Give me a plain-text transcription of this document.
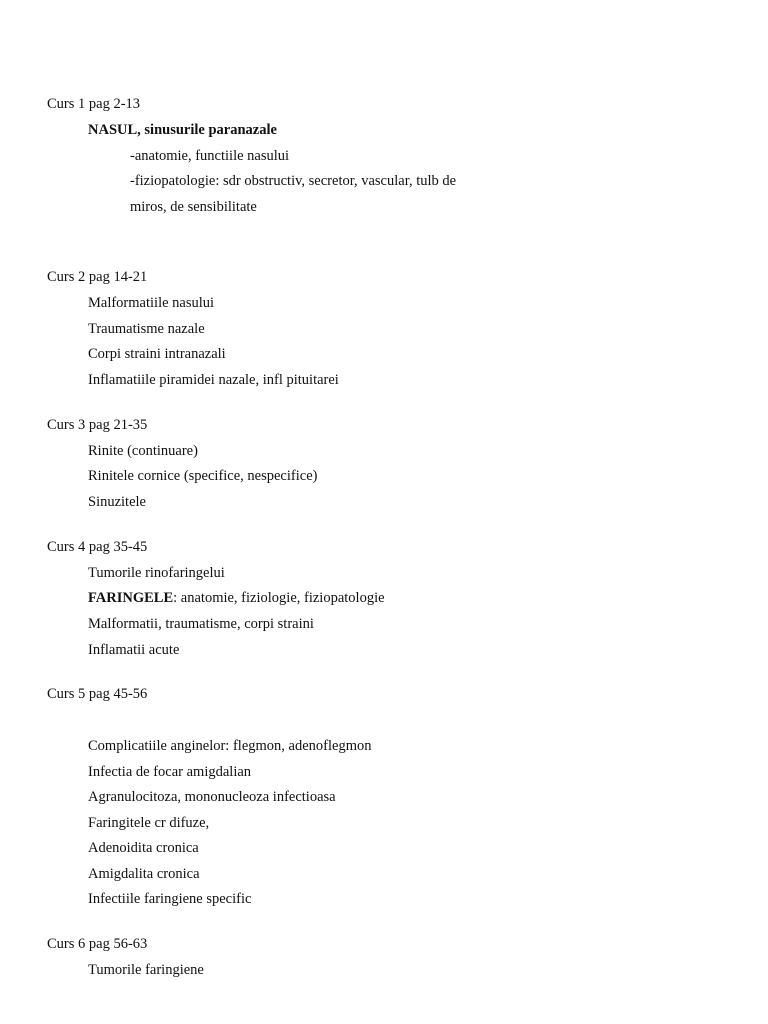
Curs 1 pag 2-13
NASUL, sinusurile paranazale
-anatomie, functiile nasului
-fiziopatologie: sdr obstructiv, secretor, vascular, tulb de
miros, de sensibilitate
Curs 2 pag 14-21
Malformatiile nasului
Traumatisme nazale
Corpi straini intranazali
Inflamatiile piramidei nazale, infl pituitarei
Curs 3 pag 21-35
Rinite (continuare)
Rinitele cornice (specifice, nespecifice)
Sinuzitele
Curs 4 pag 35-45
Tumorile rinofaringelui
FARINGELE: anatomie, fiziologie, fiziopatologie
Malformatii, traumatisme, corpi straini
Inflamatii acute
Curs 5 pag 45-56
Complicatiile anginelor: flegmon, adenoflegmon
Infectia de focar amigdalian
Agranulocitoza, mononucleoza infectioasa
Faringitele cr difuze,
Adenoidita cronica
Amigdalita cronica
Infectiile faringiene specific
Curs 6 pag 56-63
Tumorile faringiene
